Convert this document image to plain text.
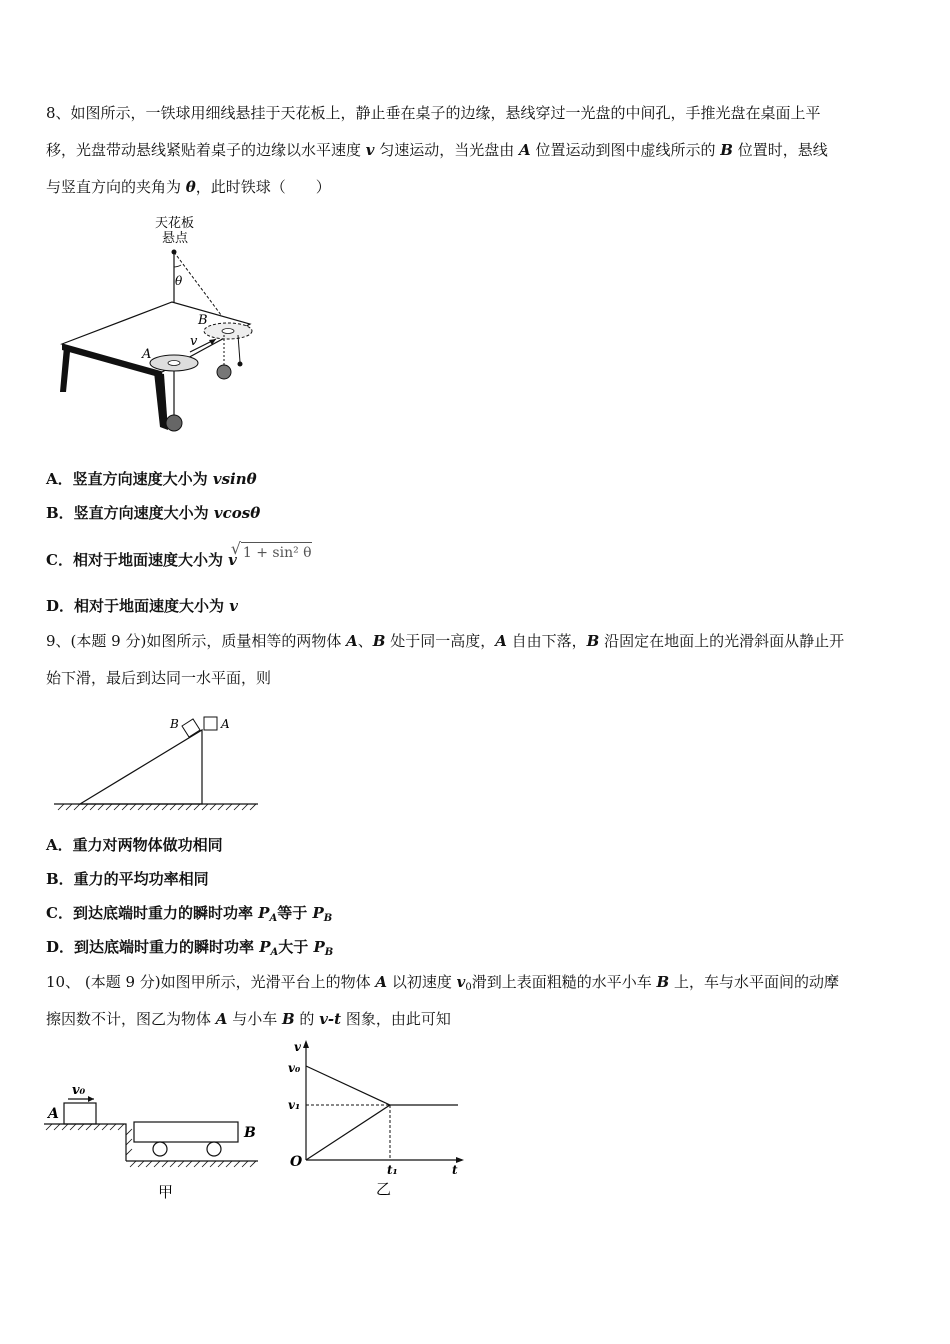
8、如图所示，一铁球用细线悬挂于天花板上，静止垂在桌子的边缘，悬线穿过一光盘的中间孔，手推光盘在桌面上平
移，光盘带动悬线紧贴着桌子的边缘以水平速度 v 匀速运动，当光盘由 A 位置运动到图中虚线所示的 B 位置时，悬线
与竖直方向的夹角为 θ，此时铁球（　　）
天花板
悬点
θ
A
B
v
A．竖直方向速度大小为 vsinθ
B．竖直方向速度大小为 vcosθ
C．相对于地面速度大小为 v
√ 1 + sin² θ
D．相对于地面速度大小为 v
9、(本题 9 分)如图所示，质量相等的两物体 A、B 处于同一高度，A 自由下落，B 沿固定在地面上的光滑斜面从静止开
始下滑，最后到达同一水平面，则
B	A
A．重力对两物体做功相同
B．重力的平均功率相同
C．到达底端时重力的瞬时功率 $P_A$等于 $P_B$
D．到达底端时重力的瞬时功率 $P_A$大于 $P_B$
10、 (本题 9 分)如图甲所示，光滑平台上的物体 A 以初速度 $v_0$滑到上表面粗糙的水平小车 B 上，车与水平面间的动摩
擦因数不计，图乙为物体 A 与小车 B 的 v-t 图象，由此可知
v₀
A
B
甲
v
v₀
v₁
O	t₁	t
乙
